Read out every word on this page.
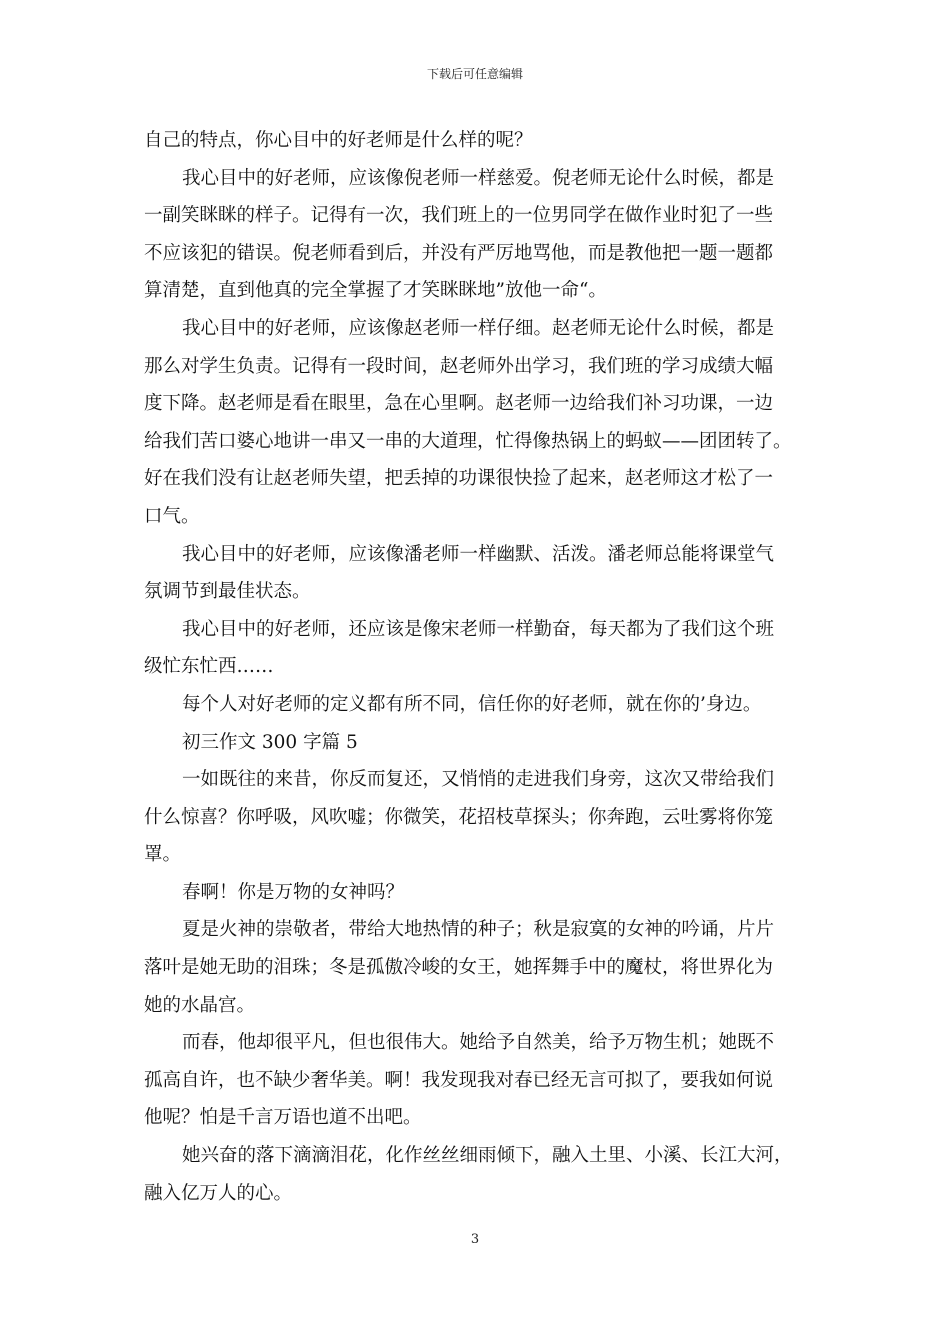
下载后可任意编辑
自己的特点，你心目中的好老师是什么样的呢？
我心目中的好老师，应该像倪老师一样慈爱。倪老师无论什么时候，都是
一副笑眯眯的样子。记得有一次，我们班上的一位男同学在做作业时犯了一些
不应该犯的错误。倪老师看到后，并没有严厉地骂他，而是教他把一题一题都
算清楚，直到他真的完全掌握了才笑眯眯地”放他一命“。
我心目中的好老师，应该像赵老师一样仔细。赵老师无论什么时候，都是
那么对学生负责。记得有一段时间，赵老师外出学习，我们班的学习成绩大幅
度下降。赵老师是看在眼里，急在心里啊。赵老师一边给我们补习功课，一边
给我们苦口婆心地讲一串又一串的大道理，忙得像热锅上的蚂蚁——团团转了。
好在我们没有让赵老师失望，把丢掉的功课很快捡了起来，赵老师这才松了一
口气。
我心目中的好老师，应该像潘老师一样幽默、活泼。潘老师总能将课堂气
氛调节到最佳状态。
我心目中的好老师，还应该是像宋老师一样勤奋，每天都为了我们这个班
级忙东忙西……
每个人对好老师的定义都有所不同，信任你的好老师，就在你的’身边。
初三作文 300 字篇 5
一如既往的来昔，你反而复还，又悄悄的走进我们身旁，这次又带给我们
什么惊喜？你呼吸，风吹嘘；你微笑，花招枝草探头；你奔跑，云吐雾将你笼
罩。
春啊！你是万物的女神吗？
夏是火神的崇敬者，带给大地热情的种子；秋是寂寞的女神的吟诵，片片
落叶是她无助的泪珠；冬是孤傲冷峻的女王，她挥舞手中的魔杖，将世界化为
她的水晶宫。
而春，他却很平凡，但也很伟大。她给予自然美，给予万物生机；她既不
孤高自许，也不缺少奢华美。啊！我发现我对春已经无言可拟了，要我如何说
他呢？怕是千言万语也道不出吧。
她兴奋的落下滴滴泪花，化作丝丝细雨倾下，融入土里、小溪、长江大河，
融入亿万人的心。
3
